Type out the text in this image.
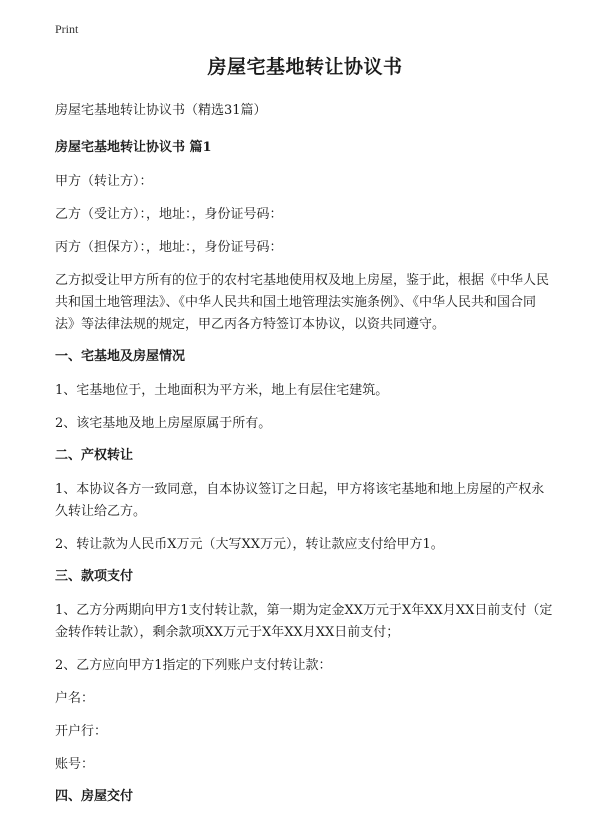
Print
房屋宅基地转让协议书
房屋宅基地转让协议书（精选31篇）
房屋宅基地转让协议书 篇1
甲方（转让方）：
乙方（受让方）：，地址：，身份证号码：
丙方（担保方）：，地址：，身份证号码：
乙方拟受让甲方所有的位于的农村宅基地使用权及地上房屋，鉴于此，根据《中华人民共和国土地管理法》、《中华人民共和国土地管理法实施条例》、《中华人民共和国合同法》等法律法规的规定，甲乙丙各方特签订本协议，以资共同遵守。
一、宅基地及房屋情况
1、宅基地位于，土地面积为平方米，地上有层住宅建筑。
2、该宅基地及地上房屋原属于所有。
二、产权转让
1、本协议各方一致同意，自本协议签订之日起，甲方将该宅基地和地上房屋的产权永久转让给乙方。
2、转让款为人民币X万元（大写XX万元），转让款应支付给甲方1。
三、款项支付
1、乙方分两期向甲方1支付转让款，第一期为定金XX万元于X年XX月XX日前支付（定金转作转让款），剩余款项XX万元于X年XX月XX日前支付；
2、乙方应向甲方1指定的下列账户支付转让款：
户名：
开户行：
账号：
四、房屋交付
